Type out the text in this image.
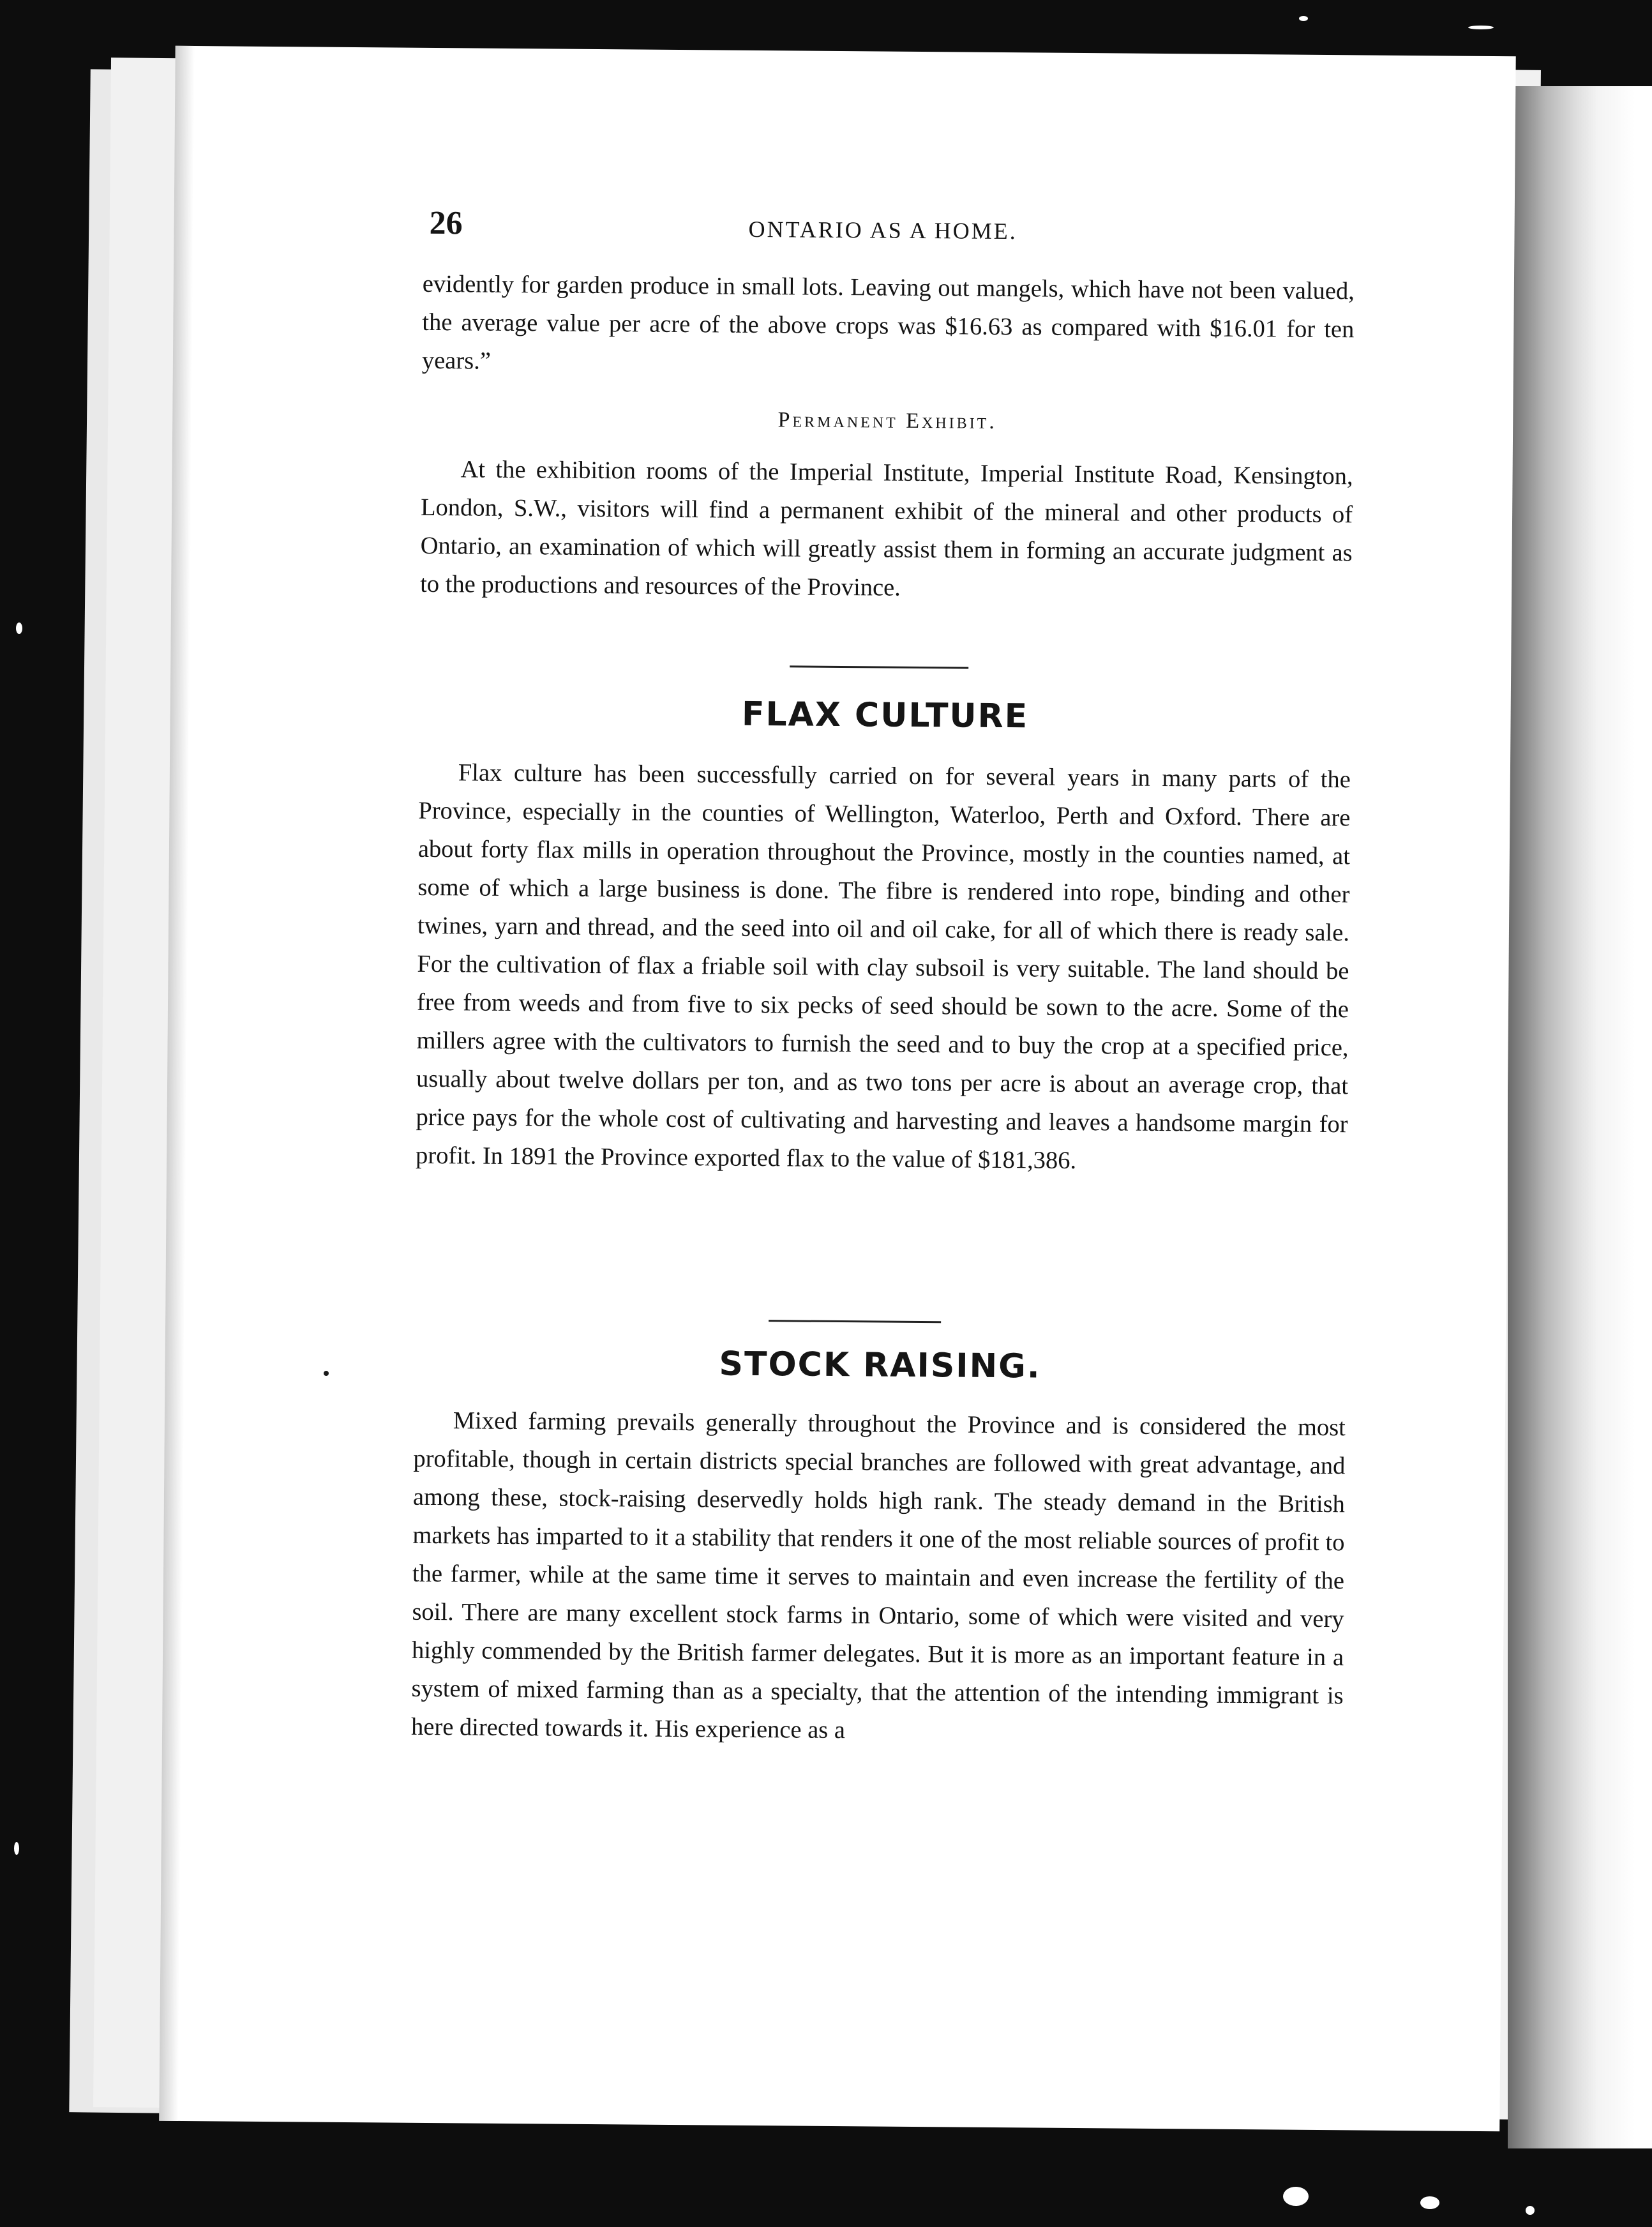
26	ONTARIO AS A HOME.

evidently for garden produce in small lots. Leaving out mangels, which have not been valued, the average value per acre of the above crops was $16.63 as compared with $16.01 for ten years.”

Permanent Exhibit.

At the exhibition rooms of the Imperial Institute, Imperial Institute Road, Kensington, London, S.W., visitors will find a permanent exhibit of the mineral and other products of Ontario, an examination of which will greatly assist them in forming an accurate judgment as to the productions and resources of the Province.

FLAX CULTURE

Flax culture has been successfully carried on for several years in many parts of the Province, especially in the counties of Wellington, Waterloo, Perth and Oxford. There are about forty flax mills in operation throughout the Province, mostly in the counties named, at some of which a large business is done. The fibre is rendered into rope, binding and other twines, yarn and thread, and the seed into oil and oil cake, for all of which there is ready sale. For the cultivation of flax a friable soil with clay subsoil is very suitable. The land should be free from weeds and from five to six pecks of seed should be sown to the acre. Some of the millers agree with the cultivators to furnish the seed and to buy the crop at a specified price, usually about twelve dollars per ton, and as two tons per acre is about an average crop, that price pays for the whole cost of cultivating and harvesting and leaves a handsome margin for profit. In 1891 the Province exported flax to the value of $181,386.

STOCK RAISING.

Mixed farming prevails generally throughout the Province and is considered the most profitable, though in certain districts special branches are followed with great advantage, and among these, stock-raising deservedly holds high rank. The steady demand in the British markets has imparted to it a stability that renders it one of the most reliable sources of profit to the farmer, while at the same time it serves to maintain and even increase the fertility of the soil. There are many excellent stock farms in Ontario, some of which were visited and very highly commended by the British farmer delegates. But it is more as an important feature in a system of mixed farming than as a specialty, that the attention of the intending immigrant is here directed towards it. His experience as a
